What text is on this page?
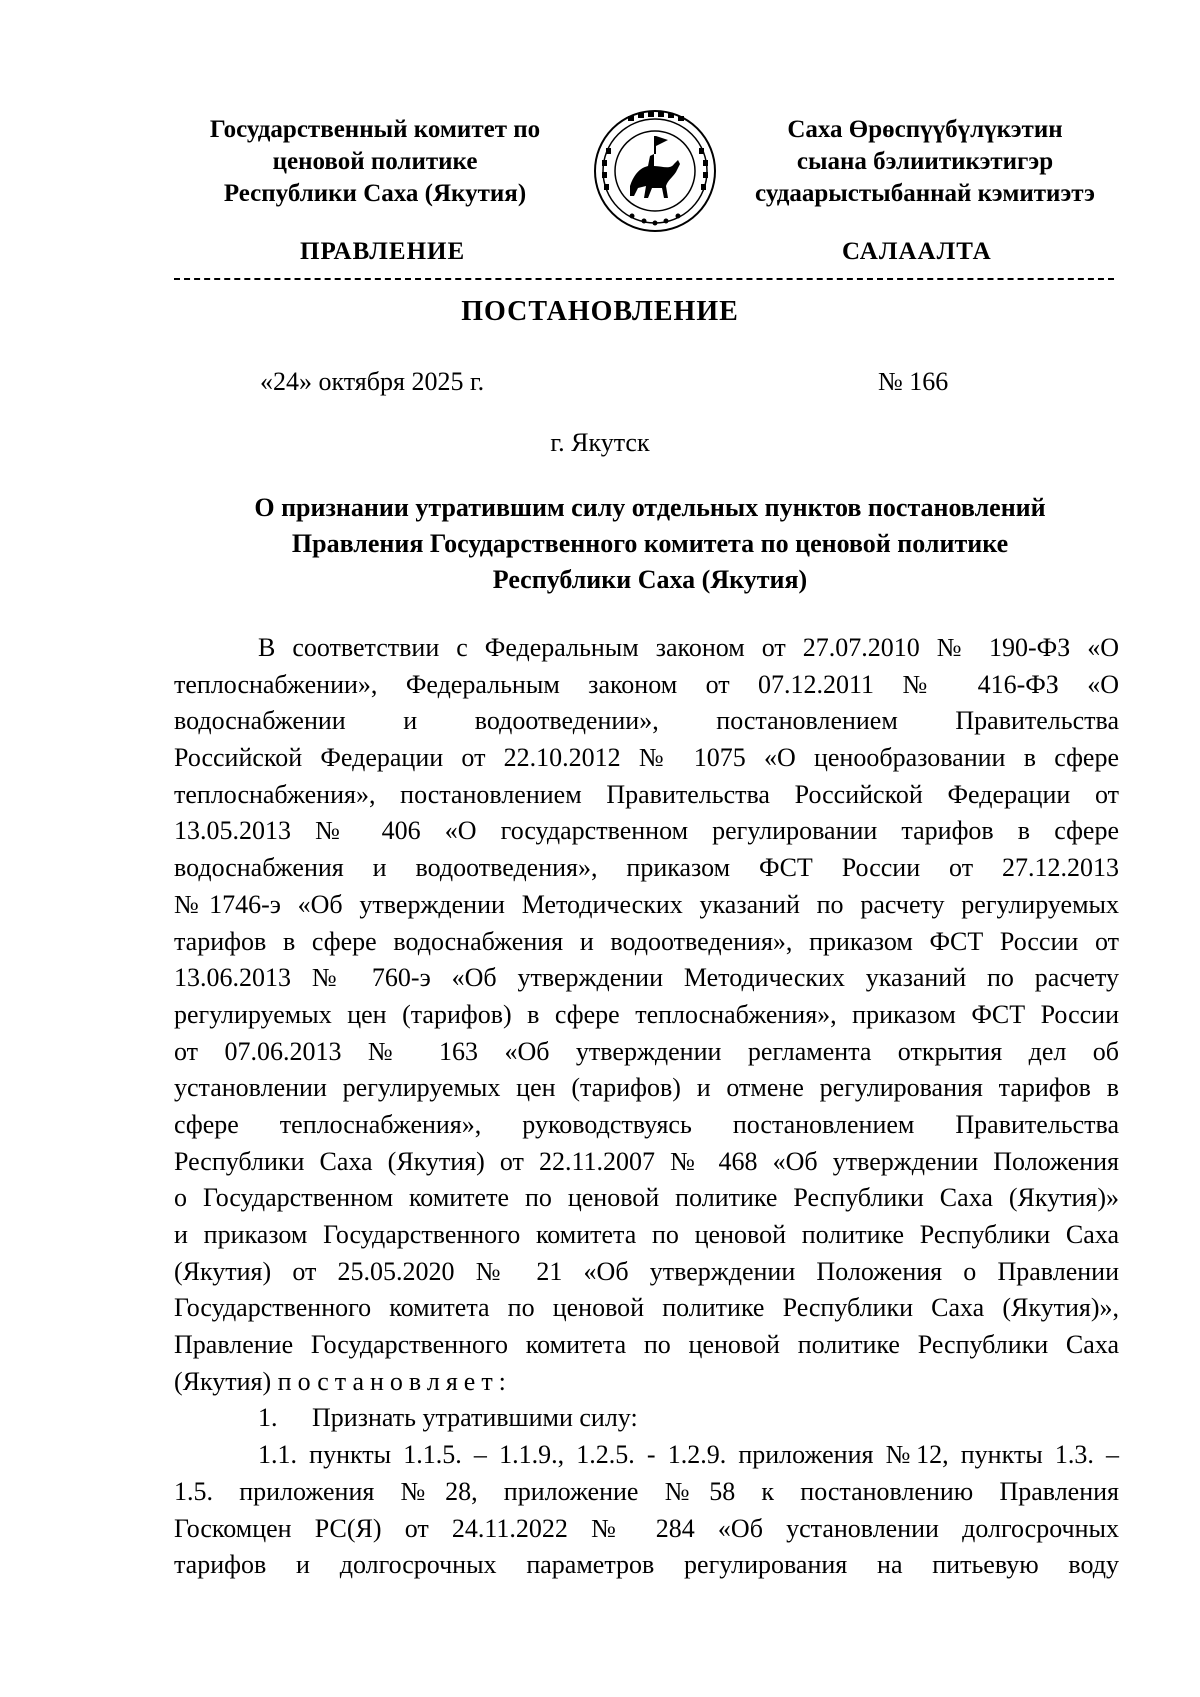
Государственный комитет по
ценовой политике
Республики Саха (Якутия)
Саха Өрөспүүбүлүкэтин
сыана бэлиитикэтигэр
судаарыстыбаннай кэмитиэтэ
ПРАВЛЕНИЕ	САЛААЛТА
ПОСТАНОВЛЕНИЕ
«24» октября 2025 г.	№ 166
г. Якутск
О признании утратившим силу отдельных пунктов постановлений
Правления Государственного комитета по ценовой политике
Республики Саха (Якутия)
В соответствии с Федеральным законом от 27.07.2010 № 190-ФЗ «О
теплоснабжении», Федеральным законом от 07.12.2011 № 416-ФЗ «О
водоснабжении и водоотведении», постановлением Правительства
Российской Федерации от 22.10.2012 № 1075 «О ценообразовании в сфере
теплоснабжения», постановлением Правительства Российской Федерации от
13.05.2013 № 406 «О государственном регулировании тарифов в сфере
водоснабжения и водоотведения», приказом ФСТ России от 27.12.2013
№1746-э «Об утверждении Методических указаний по расчету регулируемых
тарифов в сфере водоснабжения и водоотведения», приказом ФСТ России от
13.06.2013 № 760-э «Об утверждении Методических указаний по расчету
регулируемых цен (тарифов) в сфере теплоснабжения», приказом ФСТ России
от 07.06.2013 № 163 «Об утверждении регламента открытия дел об
установлении регулируемых цен (тарифов) и отмене регулирования тарифов в
сфере теплоснабжения», руководствуясь постановлением Правительства
Республики Саха (Якутия) от 22.11.2007 № 468 «Об утверждении Положения
о Государственном комитете по ценовой политике Республики Саха (Якутия)»
и приказом Государственного комитета по ценовой политике Республики Саха
(Якутия) от 25.05.2020 № 21 «Об утверждении Положения о Правлении
Государственного комитета по ценовой политике Республики Саха (Якутия)»,
Правление Государственного комитета по ценовой политике Республики Саха
(Якутия) постановляет:
1. Признать утратившими силу:
1.1. пункты 1.1.5. – 1.1.9., 1.2.5. - 1.2.9. приложения №12, пункты 1.3. –
1.5. приложения №28, приложение №58 к постановлению Правления
Госкомцен РС(Я) от 24.11.2022 № 284 «Об установлении долгосрочных
тарифов и долгосрочных параметров регулирования на питьевую воду
